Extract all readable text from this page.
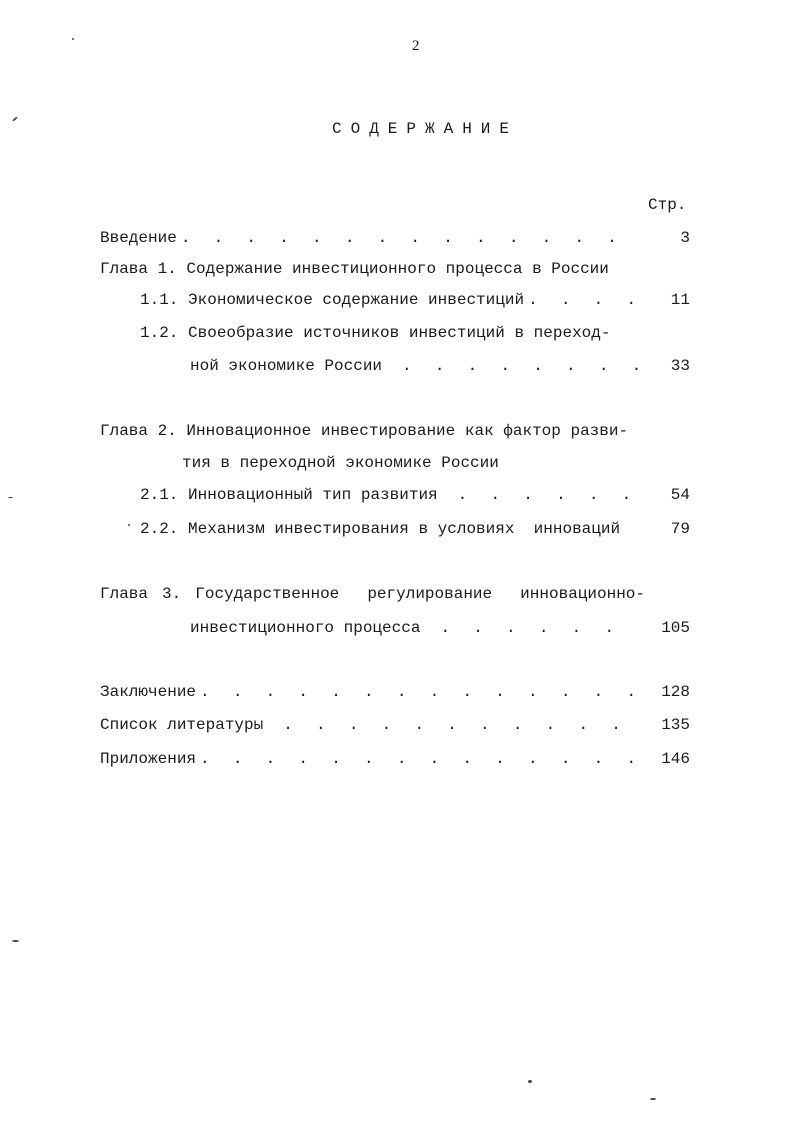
2
СОДЕРЖАНИЕ
Стр.
Введение . . .	3
Глава 1. Содержание инвестиционного процесса в России
1.1. Экономическое содержание инвестиций . . .	11
1.2. Своеобразие источников инвестиций в переход-
ной экономике России . . .	33
Глава 2. Инновационное инвестирование как фактор разви-
тия в переходной экономике России
2.1. Инновационный тип развития . . .	54
2.2. Механизм инвестирования в условиях  инноваций	79
Глава 3. Государственное  регулирование  инновационно-
инвестиционного процесса . . .	105
Заключение . . .	128
Список литературы . . .	135
Приложения . . .	146
